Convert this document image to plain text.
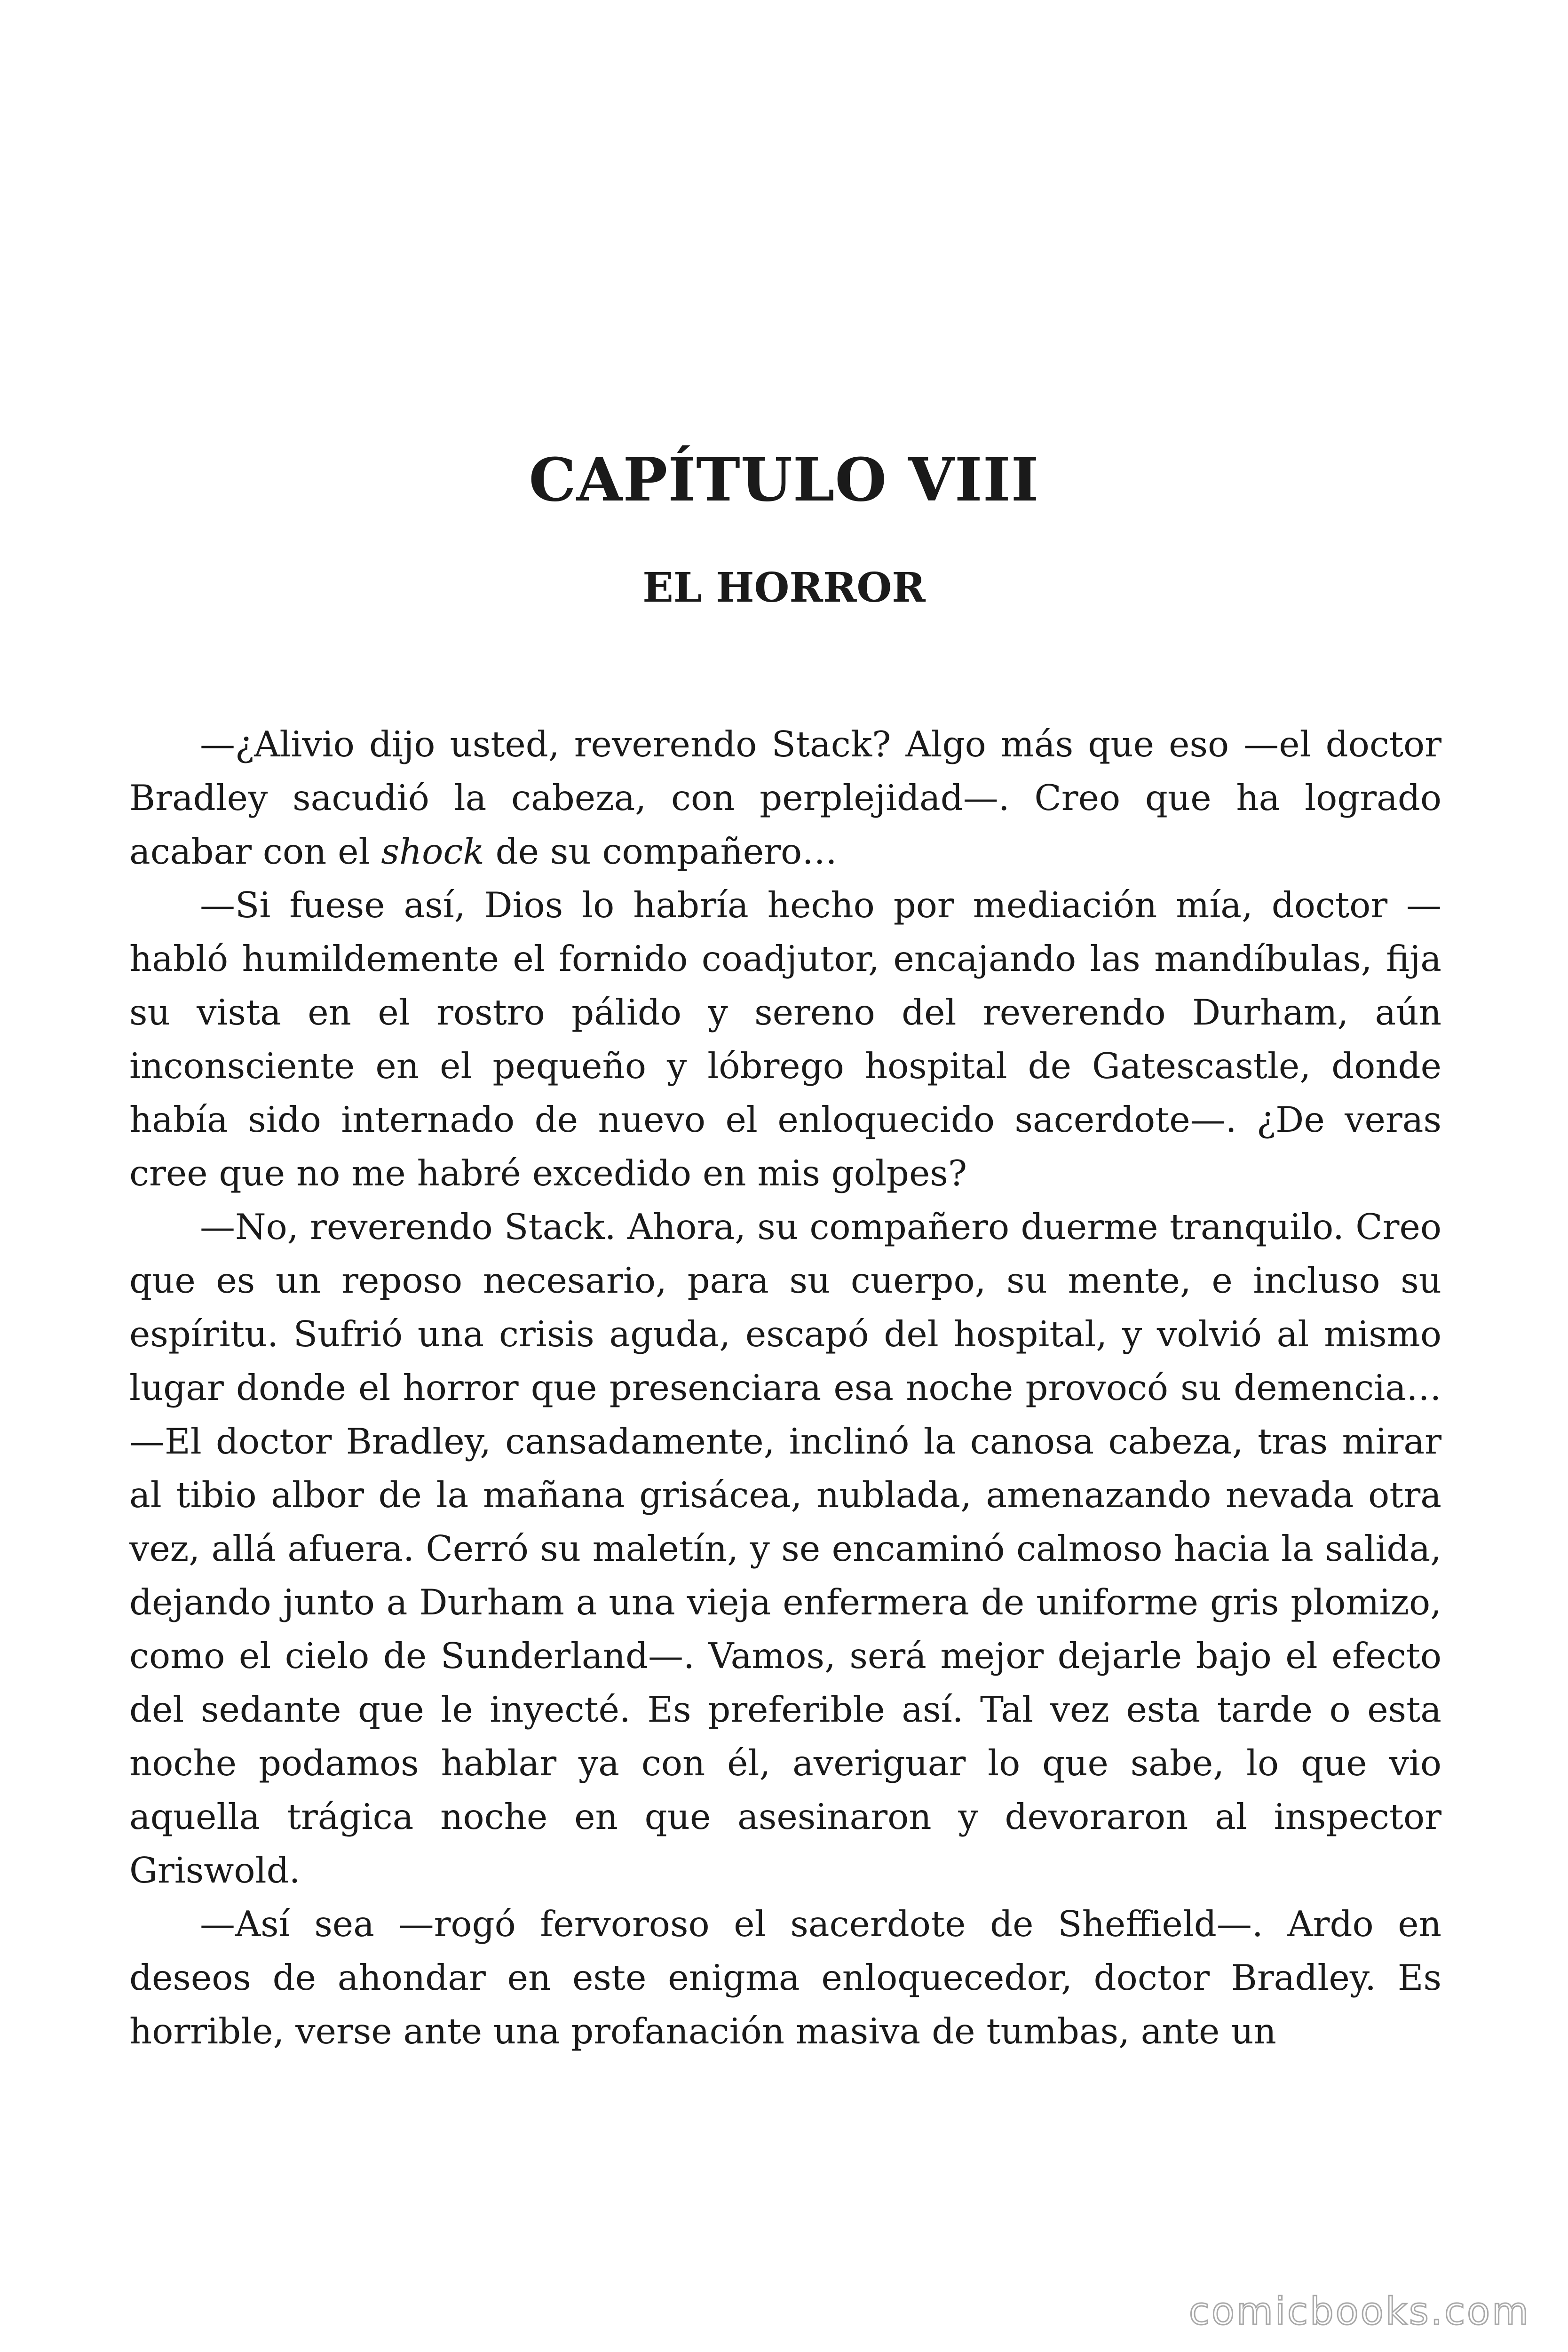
CAPÍTULO VIII
EL HORROR

—¿Alivio dijo usted, reverendo Stack? Algo más que eso —el doctor Bradley sacudió la cabeza, con perplejidad—. Creo que ha logrado acabar con el shock de su compañero…

—Si fuese así, Dios lo habría hecho por mediación mía, doctor —habló humildemente el fornido coadjutor, encajando las mandíbulas, fija su vista en el rostro pálido y sereno del reverendo Durham, aún inconsciente en el pequeño y lóbrego hospital de Gatescastle, donde había sido internado de nuevo el enloquecido sacerdote—. ¿De veras cree que no me habré excedido en mis golpes?

—No, reverendo Stack. Ahora, su compañero duerme tranquilo. Creo que es un reposo necesario, para su cuerpo, su mente, e incluso su espíritu. Sufrió una crisis aguda, escapó del hospital, y volvió al mismo lugar donde el horror que presenciara esa noche provocó su demencia… —El doctor Bradley, cansadamente, inclinó la canosa cabeza, tras mirar al tibio albor de la mañana grisácea, nublada, amenazando nevada otra vez, allá afuera. Cerró su maletín, y se encaminó calmoso hacia la salida, dejando junto a Durham a una vieja enfermera de uniforme gris plomizo, como el cielo de Sunderland—. Vamos, será mejor dejarle bajo el efecto del sedante que le inyecté. Es preferible así. Tal vez esta tarde o esta noche podamos hablar ya con él, averiguar lo que sabe, lo que vio aquella trágica noche en que asesinaron y devoraron al inspector Griswold.

—Así sea —rogó fervoroso el sacerdote de Sheffield—. Ardo en deseos de ahondar en este enigma enloquecedor, doctor Bradley. Es horrible, verse ante una profanación masiva de tumbas, ante un

comicbooks.com
